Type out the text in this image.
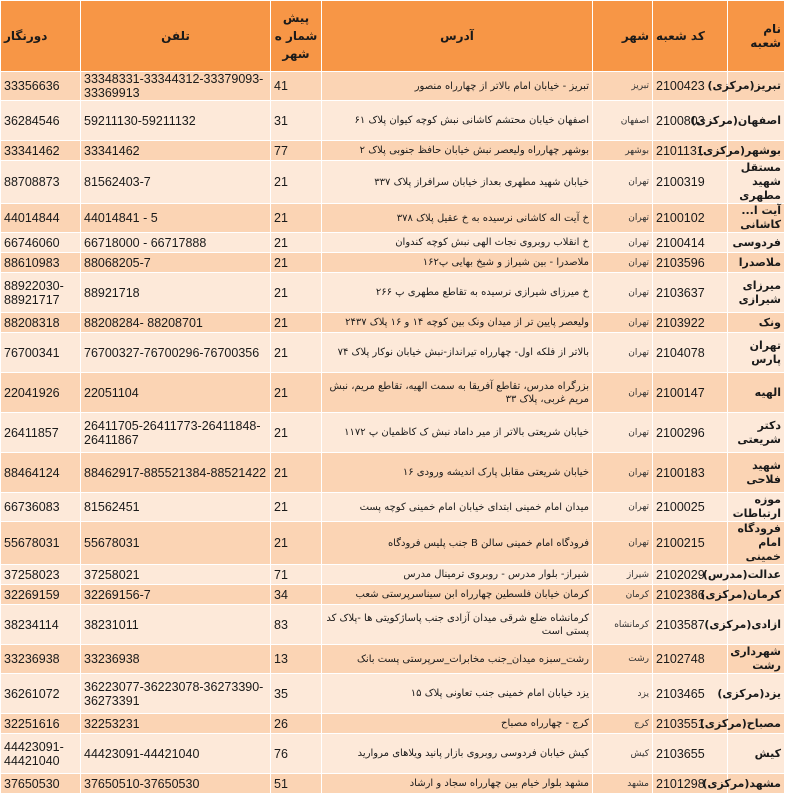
دورنگار	تلفن	پیش شمار ه شهر	آدرس	شهر	کد شعبه	نام شعبه
33356636	33348331-33344312-33379093-33369913	41	تبریز - خیابان امام بالاتر از چهارراه منصور	تبریز	2100423	تبریز(مرکزی)
36284546	59211130-59211132	31	اصفهان خیابان محتشم کاشانی نبش کوچه کیوان پلاک ۶۱	اصفهان	2100803	اصفهان(مرکزی)
33341462	33341462	77	بوشهر چهارراه ولیعصر نبش خیابان حافظ جنوبی پلاک ۲	بوشهر	2101131	بوشهر(مرکزی)
88708873	81562403-7	21	خیابان شهید مطهری بعداز خیابان سرافراز پلاک ۳۳۷	تهران	2100319	مستقل شهید مطهری
44014844	44014841 - 5	21	خ آیت اله کاشانی نرسیده به خ عقیل پلاک ۳۷۸	تهران	2100102	آیت ا... کاشانی
66746060	66718000 - 66717888	21	خ انقلاب روبروی نجات الهی نبش کوچه کندوان	تهران	2100414	فردوسی
88610983	88068205-7	21	ملاصدرا - بین شیراز و شیخ بهایی پ۱۶۲	تهران	2103596	ملاصدرا
88922030-88921717	88921718	21	خ میرزای شیرازی نرسیده به تقاطع مطهری پ ۲۶۶	تهران	2103637	میرزای شیرازی
88208318	88208284- 88208701	21	ولیعصر پایین تر از میدان ونک بین کوچه ۱۴ و ۱۶ پلاک ۲۴۳۷	تهران	2103922	ونک
76700341	76700327-76700296-76700356	21	بالاتر از فلکه اول- چهارراه تیرانداز-نبش خیابان نوکار پلاک ۷۴	تهران	2104078	تهران پارس
22041926	22051104	21	بزرگراه مدرس، تقاطع آفریقا به سمت الهیه، تقاطع مریم، نبش مریم غربی، پلاک ۳۳	تهران	2100147	الهیه
26411857	26411705-26411773-26411848-26411867	21	خیابان شریعتی بالاتر از میر داماد نبش ک کاظمیان پ ۱۱۷۲	تهران	2100296	دکتر شریعتی
88464124	88462917-885521384-88521422	21	خیابان شریعتی مقابل پارک اندیشه ورودی ۱۶	تهران	2100183	شهید فلاحی
66736083	81562451	21	میدان امام خمینی ابتدای خیابان امام خمینی کوچه پست	تهران	2100025	موزه ارتباطات
55678031	55678031	21	فرودگاه امام خمینی سالن B جنب پلیس فرودگاه	تهران	2100215	فرودگاه امام خمینی
37258023	37258021	71	شیراز- بلوار مدرس - روبروی ترمینال مدرس	شیراز	2102029	عدالت(مدرس)
32269159	32269156-7	34	کرمان خیابان فلسطین چهارراه ابن سیناسرپرستی شعب	کرمان	2102386	کرمان(مرکزی)
38234114	38231011	83	کرمانشاه ضلع شرقی میدان آزادی جنب پاساژکویتی ها -پلاک کد پستی است	کرمانشاه	2103587	ازادی(مرکزی)
33236938	33236938	13	رشت_سبزه میدان_جنب مخابرات_سرپرستی پست بانک	رشت	2102748	شهرداری رشت
36261072	36223077-36223078-36273390-36273391	35	یزد خیابان امام خمینی جنب تعاونی پلاک ۱۵	یزد	2103465	یزد(مرکزی)
32251616	32253231	26	کرج - چهارراه مصباح	کرج	2103551	مصباح(مرکزی)
44423091-44421040	44423091-44421040	76	کیش خیابان فردوسی روبروی بازار پانید ویلاهای مروارید	کیش	2103655	کیش
37650530	37650510-37650530	51	مشهد بلوار خیام بین چهارراه سجاد و ارشاد	مشهد	2101298	مشهد(مرکزی)
